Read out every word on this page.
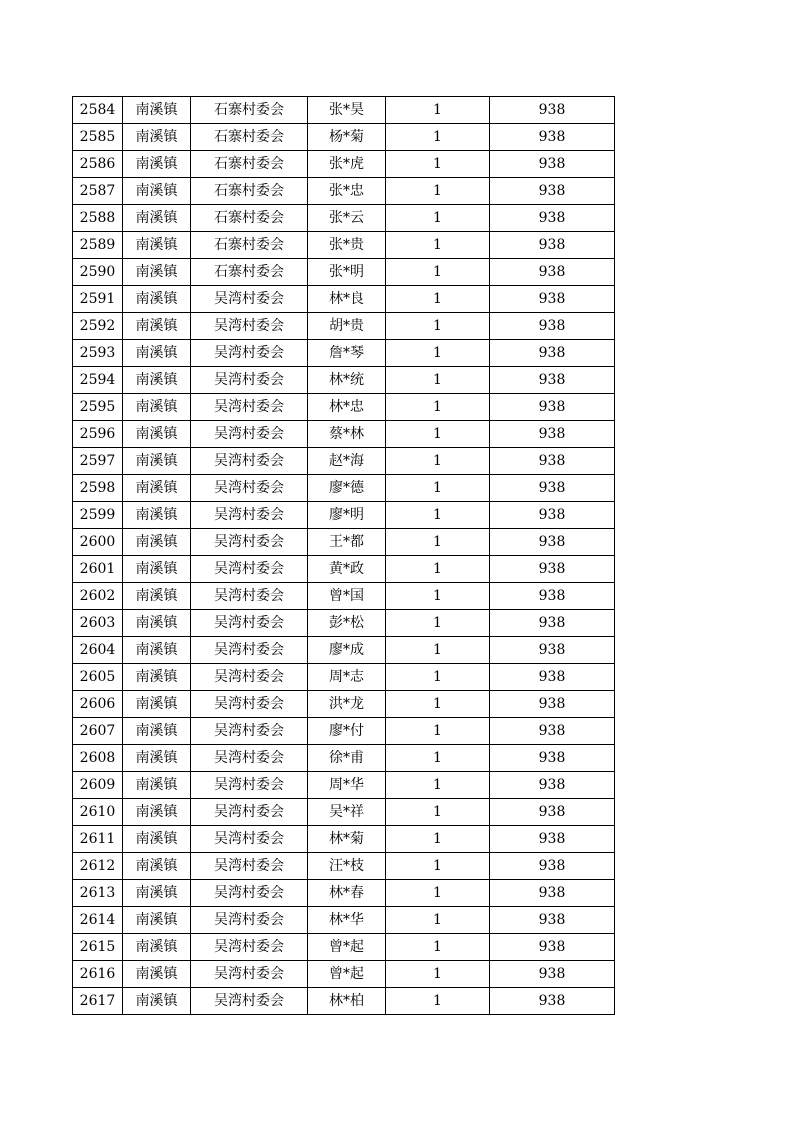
2584	南溪镇	石寨村委会	张*昊	1	938
2585	南溪镇	石寨村委会	杨*菊	1	938
2586	南溪镇	石寨村委会	张*虎	1	938
2587	南溪镇	石寨村委会	张*忠	1	938
2588	南溪镇	石寨村委会	张*云	1	938
2589	南溪镇	石寨村委会	张*贵	1	938
2590	南溪镇	石寨村委会	张*明	1	938
2591	南溪镇	吴湾村委会	林*良	1	938
2592	南溪镇	吴湾村委会	胡*贵	1	938
2593	南溪镇	吴湾村委会	詹*琴	1	938
2594	南溪镇	吴湾村委会	林*统	1	938
2595	南溪镇	吴湾村委会	林*忠	1	938
2596	南溪镇	吴湾村委会	蔡*林	1	938
2597	南溪镇	吴湾村委会	赵*海	1	938
2598	南溪镇	吴湾村委会	廖*德	1	938
2599	南溪镇	吴湾村委会	廖*明	1	938
2600	南溪镇	吴湾村委会	王*都	1	938
2601	南溪镇	吴湾村委会	黄*政	1	938
2602	南溪镇	吴湾村委会	曾*国	1	938
2603	南溪镇	吴湾村委会	彭*松	1	938
2604	南溪镇	吴湾村委会	廖*成	1	938
2605	南溪镇	吴湾村委会	周*志	1	938
2606	南溪镇	吴湾村委会	洪*龙	1	938
2607	南溪镇	吴湾村委会	廖*付	1	938
2608	南溪镇	吴湾村委会	徐*甫	1	938
2609	南溪镇	吴湾村委会	周*华	1	938
2610	南溪镇	吴湾村委会	吴*祥	1	938
2611	南溪镇	吴湾村委会	林*菊	1	938
2612	南溪镇	吴湾村委会	汪*枝	1	938
2613	南溪镇	吴湾村委会	林*春	1	938
2614	南溪镇	吴湾村委会	林*华	1	938
2615	南溪镇	吴湾村委会	曾*起	1	938
2616	南溪镇	吴湾村委会	曾*起	1	938
2617	南溪镇	吴湾村委会	林*柏	1	938
